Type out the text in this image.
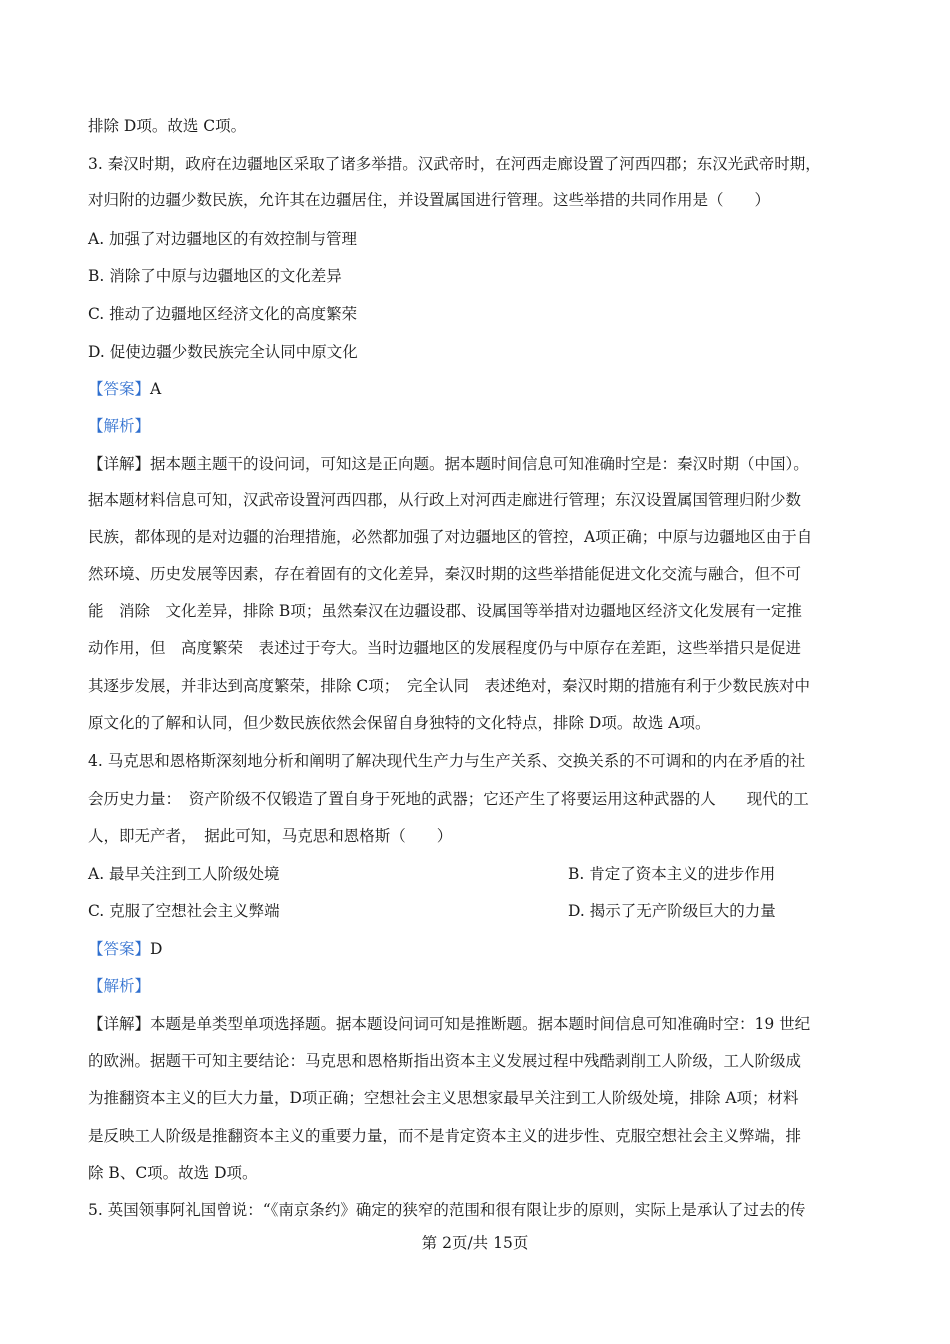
排除 D项。故选 C项。
3. 秦汉时期，政府在边疆地区采取了诸多举措。汉武帝时，在河西走廊设置了河西四郡；东汉光武帝时期，
对归附的边疆少数民族，允许其在边疆居住，并设置属国进行管理。这些举措的共同作用是（　　）
A. 加强了对边疆地区的有效控制与管理
B. 消除了中原与边疆地区的文化差异
C. 推动了边疆地区经济文化的高度繁荣
D. 促使边疆少数民族完全认同中原文化
【答案】A
【解析】
【详解】据本题主题干的设问词，可知这是正向题。据本题时间信息可知准确时空是：秦汉时期（中国）。
据本题材料信息可知，汉武帝设置河西四郡，从行政上对河西走廊进行管理；东汉设置属国管理归附少数
民族，都体现的是对边疆的治理措施，必然都加强了对边疆地区的管控，A项正确；中原与边疆地区由于自
然环境、历史发展等因素，存在着固有的文化差异，秦汉时期的这些举措能促进文化交流与融合，但不可
能　消除　文化差异，排除 B项；虽然秦汉在边疆设郡、设属国等举措对边疆地区经济文化发展有一定推
动作用，但　高度繁荣　表述过于夸大。当时边疆地区的发展程度仍与中原存在差距，这些举措只是促进
其逐步发展，并非达到高度繁荣，排除 C项；　完全认同　表述绝对，秦汉时期的措施有利于少数民族对中
原文化的了解和认同，但少数民族依然会保留自身独特的文化特点，排除 D项。故选 A项。
4. 马克思和恩格斯深刻地分析和阐明了解决现代生产力与生产关系、交换关系的不可调和的内在矛盾的社
会历史力量：　资产阶级不仅锻造了置自身于死地的武器；它还产生了将要运用这种武器的人　　现代的工
人，即无产者，　据此可知，马克思和恩格斯（　　）
A. 最早关注到工人阶级处境	B. 肯定了资本主义的进步作用
C. 克服了空想社会主义弊端	D. 揭示了无产阶级巨大的力量
【答案】D
【解析】
【详解】本题是单类型单项选择题。据本题设问词可知是推断题。据本题时间信息可知准确时空：19 世纪
的欧洲。据题干可知主要结论：马克思和恩格斯指出资本主义发展过程中残酷剥削工人阶级，工人阶级成
为推翻资本主义的巨大力量，D项正确；空想社会主义思想家最早关注到工人阶级处境，排除 A项；材料
是反映工人阶级是推翻资本主义的重要力量，而不是肯定资本主义的进步性、克服空想社会主义弊端，排
除 B、C项。故选 D项。
5. 英国领事阿礼国曾说：“《南京条约》确定的狭窄的范围和很有限让步的原则，实际上是承认了过去的传
第 2页/共 15页
